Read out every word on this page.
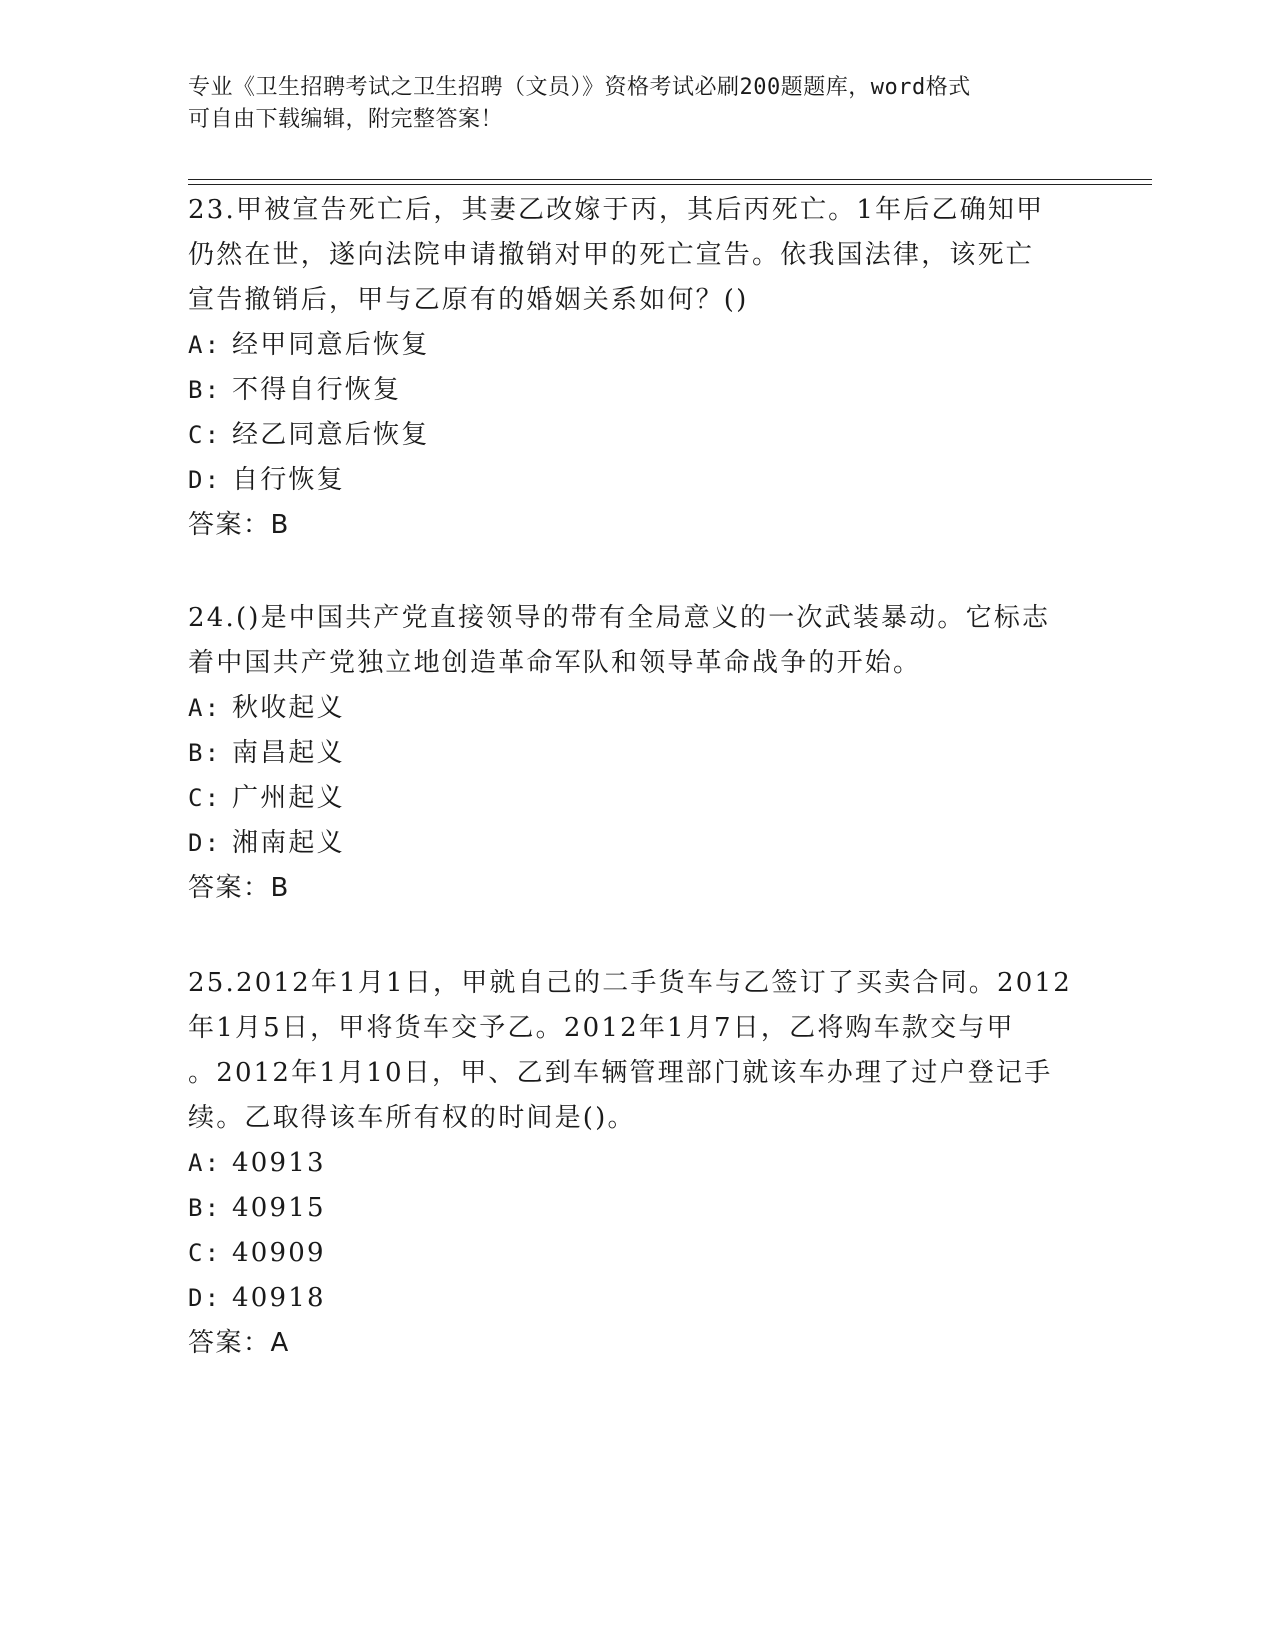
专业《卫生招聘考试之卫生招聘（文员）》资格考试必刷200题题库，word格式
可自由下载编辑，附完整答案！
23.甲被宣告死亡后，其妻乙改嫁于丙，其后丙死亡。1年后乙确知甲
仍然在世，遂向法院申请撤销对甲的死亡宣告。依我国法律，该死亡
宣告撤销后，甲与乙原有的婚姻关系如何？()
A: 经甲同意后恢复
B: 不得自行恢复
C: 经乙同意后恢复
D: 自行恢复
答案：B
24.()是中国共产党直接领导的带有全局意义的一次武装暴动。它标志
着中国共产党独立地创造革命军队和领导革命战争的开始。
A: 秋收起义
B: 南昌起义
C: 广州起义
D: 湘南起义
答案：B
25.2012年1月1日，甲就自己的二手货车与乙签订了买卖合同。2012
年1月5日，甲将货车交予乙。2012年1月7日，乙将购车款交与甲
。2012年1月10日，甲、乙到车辆管理部门就该车办理了过户登记手
续。乙取得该车所有权的时间是()。
A: 40913
B: 40915
C: 40909
D: 40918
答案：A
